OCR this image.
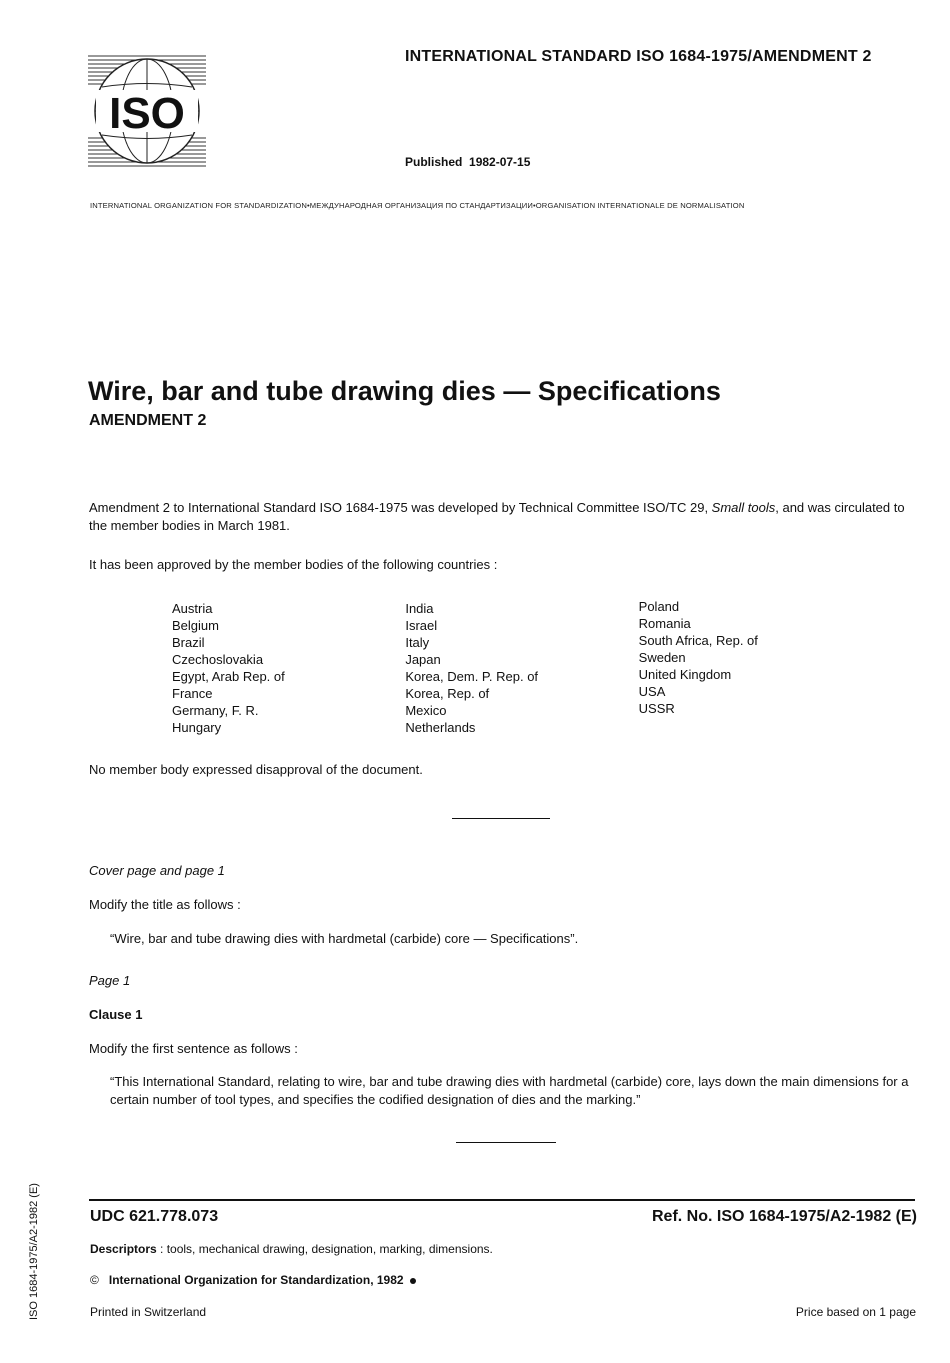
ISO
INTERNATIONAL STANDARD ISO 1684-1975/AMENDMENT 2
Published 1982-07-15
INTERNATIONAL ORGANIZATION FOR STANDARDIZATION•МЕЖДУНАРОДНАЯ ОРГАНИЗАЦИЯ ПО СТАНДАРТИЗАЦИИ•ORGANISATION INTERNATIONALE DE NORMALISATION
Wire, bar and tube drawing dies — Specifications
AMENDMENT 2
Amendment 2 to International Standard ISO 1684-1975 was developed by Technical Committee ISO/TC 29, Small tools, and was circulated to the member bodies in March 1981.
It has been approved by the member bodies of the following countries :
Austria
Belgium
Brazil
Czechoslovakia
Egypt, Arab Rep. of
France
Germany, F. R.
Hungary
India
Israel
Italy
Japan
Korea, Dem. P. Rep. of
Korea, Rep. of
Mexico
Netherlands
Poland
Romania
South Africa, Rep. of
Sweden
United Kingdom
USA
USSR
No member body expressed disapproval of the document.
Cover page and page 1
Modify the title as follows :
“Wire, bar and tube drawing dies with hardmetal (carbide) core — Specifications”.
Page 1
Clause 1
Modify the first sentence as follows :
“This International Standard, relating to wire, bar and tube drawing dies with hardmetal (carbide) core, lays down the main dimensions for a certain number of tool types, and specifies the codified designation of dies and the marking.”
UDC 621.778.073	Ref. No. ISO 1684-1975/A2-1982 (E)
Descriptors : tools, mechanical drawing, designation, marking, dimensions.
© International Organization for Standardization, 1982
Printed in Switzerland	Price based on 1 page
ISO 1684-1975/A2-1982 (E)
